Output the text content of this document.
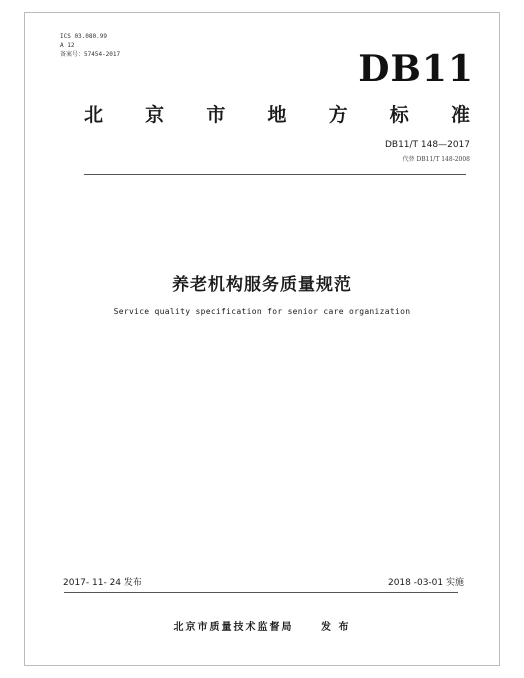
ICS 03.080.99
A 12
备案号：57454-2017	DB11
北 京 市 地 方 标 准
DB11/T 148—2017
代替 DB11/T 148-2008
养老机构服务质量规范
Service quality specification for senior care organization
2017- 11- 24 发布	2018 -03-01 实施
北京市质量技术监督局	发 布
